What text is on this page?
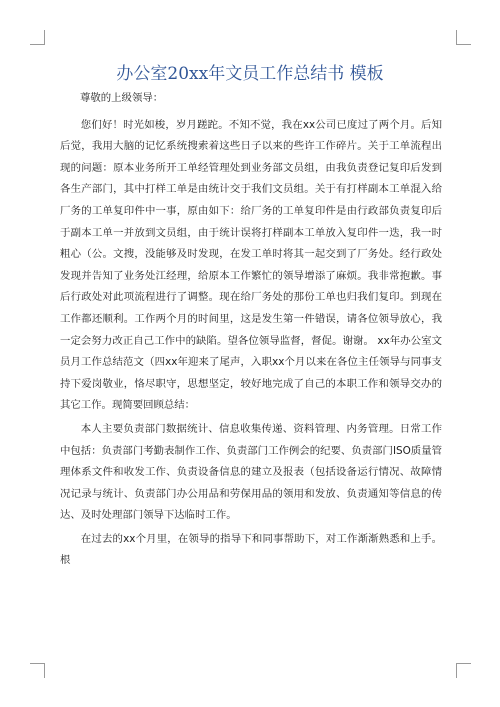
办公室20xx年文员工作总结书 模板

尊敬的上级领导：

您们好！时光如梭，岁月蹉跎。不知不觉，我在xx公司已度过了两个月。后知后觉，我用大脑的记忆系统搜索着这些日子以来的些许工作碎片。关于工单流程出现的问题：原本业务所开工单经管理处到业务部文员组，由我负责登记复印后发到各生产部门，其中打样工单是由统计交于我们文员组。关于有打样副本工单混入给厂务的工单复印件中一事，原由如下：给厂务的工单复印件是由行政部负责复印后于副本工单一并放到文员组，由于统计误将打样副本工单放入复印件一迭，我一时粗心（公。文搜，没能够及时发现，在发工单时将其一起交到了厂务处。经行政处发现并告知了业务处江经理，给原本工作繁忙的领导增添了麻烦。我非常抱歉。事后行政处对此项流程进行了调整。现在给厂务处的那份工单也归我们复印。到现在工作都还顺利。工作两个月的时间里，这是发生第一件错误，请各位领导放心，我一定会努力改正自己工作中的缺陷。望各位领导监督，督促。谢谢。 xx年办公室文员月工作总结范文（四xx年迎来了尾声，入职xx个月以来在各位主任领导与同事支持下爱岗敬业，恪尽职守，思想坚定，较好地完成了自己的本职工作和领导交办的其它工作。现简要回顾总结：

本人主要负责部门数据统计、信息收集传递、资料管理、内务管理。日常工作中包括：负责部门考勤表制作工作、负责部门工作例会的纪要、负责部门ISO质量管理体系文件和收发工作、负责设备信息的建立及报表（包括设备运行情况、故障情况记录与统计、负责部门办公用品和劳保用品的领用和发放、负责通知等信息的传达、及时处理部门领导下达临时工作。

在过去的xx个月里，在领导的指导下和同事帮助下，对工作渐渐熟悉和上手。根
